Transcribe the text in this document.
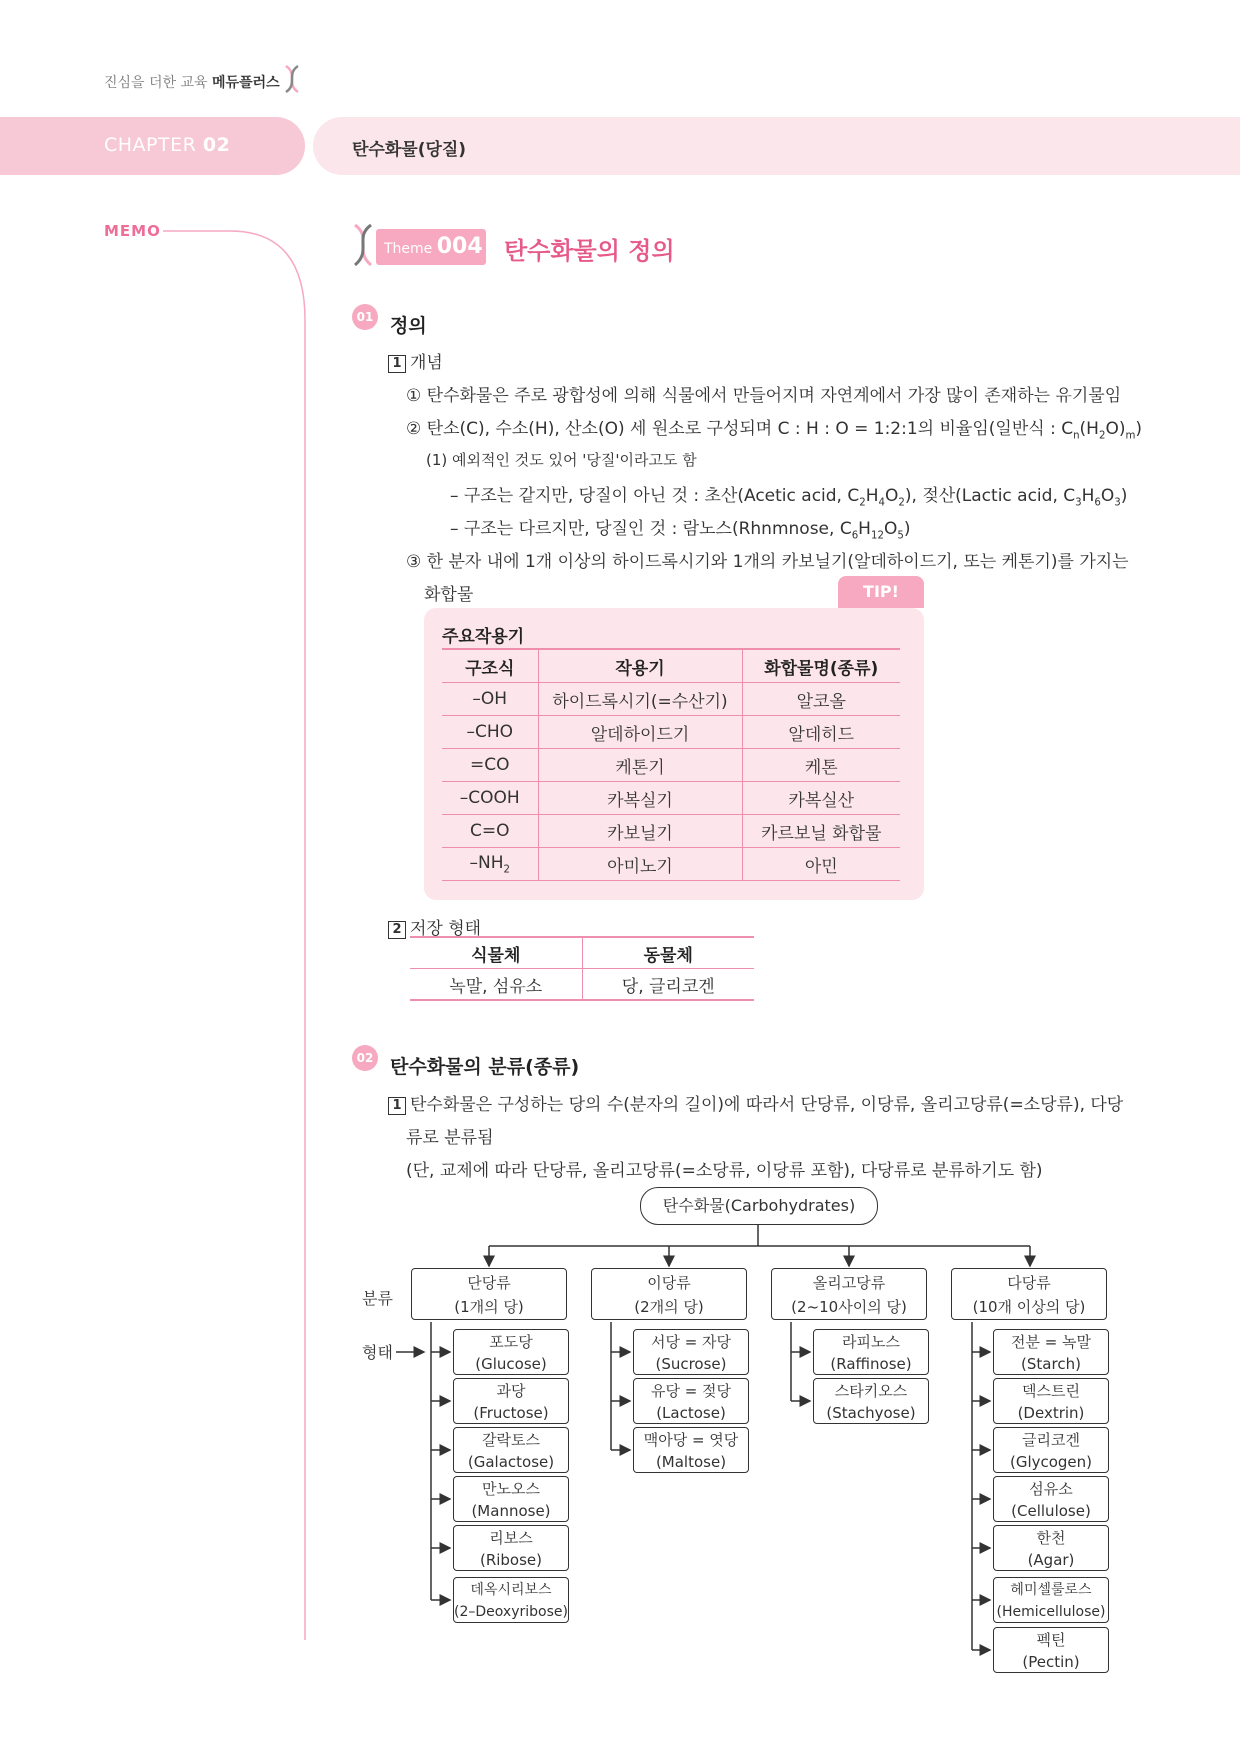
진심을 더한 교육 메듀플러스
CHAPTER 02	탄수화물(당질)
MEMO
Theme 004 탄수화물의 정의
01 정의
1 개념
① 탄수화물은 주로 광합성에 의해 식물에서 만들어지며 자연계에서 가장 많이 존재하는 유기물임
② 탄소(C), 수소(H), 산소(O) 세 원소로 구성되며 C : H : O = 1:2:1의 비율임(일반식 : $C_n(H_2O)_m$)
(1) 예외적인 것도 있어 '당질'이라고도 함
– 구조는 같지만, 당질이 아닌 것 : 초산(Acetic acid, $C_2H_4O_2$), 젖산(Lactic acid, $C_3H_6O_3$)
– 구조는 다르지만, 당질인 것 : 람노스(Rhnmnose, $C_6H_{12}O_5$)
③ 한 분자 내에 1개 이상의 하이드록시기와 1개의 카보닐기(알데하이드기, 또는 케톤기)를 가지는
화합물	TIP!
주요작용기
구조식	작용기	화합물명(종류)
–OH	하이드록시기(=수산기)	알코올
–CHO	알데하이드기	알데히드
=CO	케톤기	케톤
–COOH	카복실기	카복실산
C=O	카보닐기	카르보닐 화합물
$-NH_2$	아미노기	아민
2 저장 형태
식물체	동물체
녹말, 섬유소	당, 글리코겐
02 탄수화물의 분류(종류)
1 탄수화물은 구성하는 당의 수(분자의 길이)에 따라서 단당류, 이당류, 올리고당류(=소당류), 다당
류로 분류됨
(단, 교제에 따라 단당류, 올리고당류(=소당류, 이당류 포함), 다당류로 분류하기도 함)
탄수화물(Carbohydrates)
분류
형태
단당류
(1개의 당)
이당류
(2개의 당)
올리고당류
(2~10사이의 당)
다당류
(10개 이상의 당)
포도당
(Glucose)
과당
(Fructose)
갈락토스
(Galactose)
만노오스
(Mannose)
리보스
(Ribose)
데옥시리보스
(2–Deoxyribose)
서당 = 자당
(Sucrose)
유당 = 젖당
(Lactose)
맥아당 = 엿당
(Maltose)
라피노스
(Raffinose)
스타키오스
(Stachyose)
전분 = 녹말
(Starch)
덱스트린
(Dextrin)
글리코겐
(Glycogen)
섬유소
(Cellulose)
한천
(Agar)
헤미셀룰로스
(Hemicellulose)
펙틴
(Pectin)
